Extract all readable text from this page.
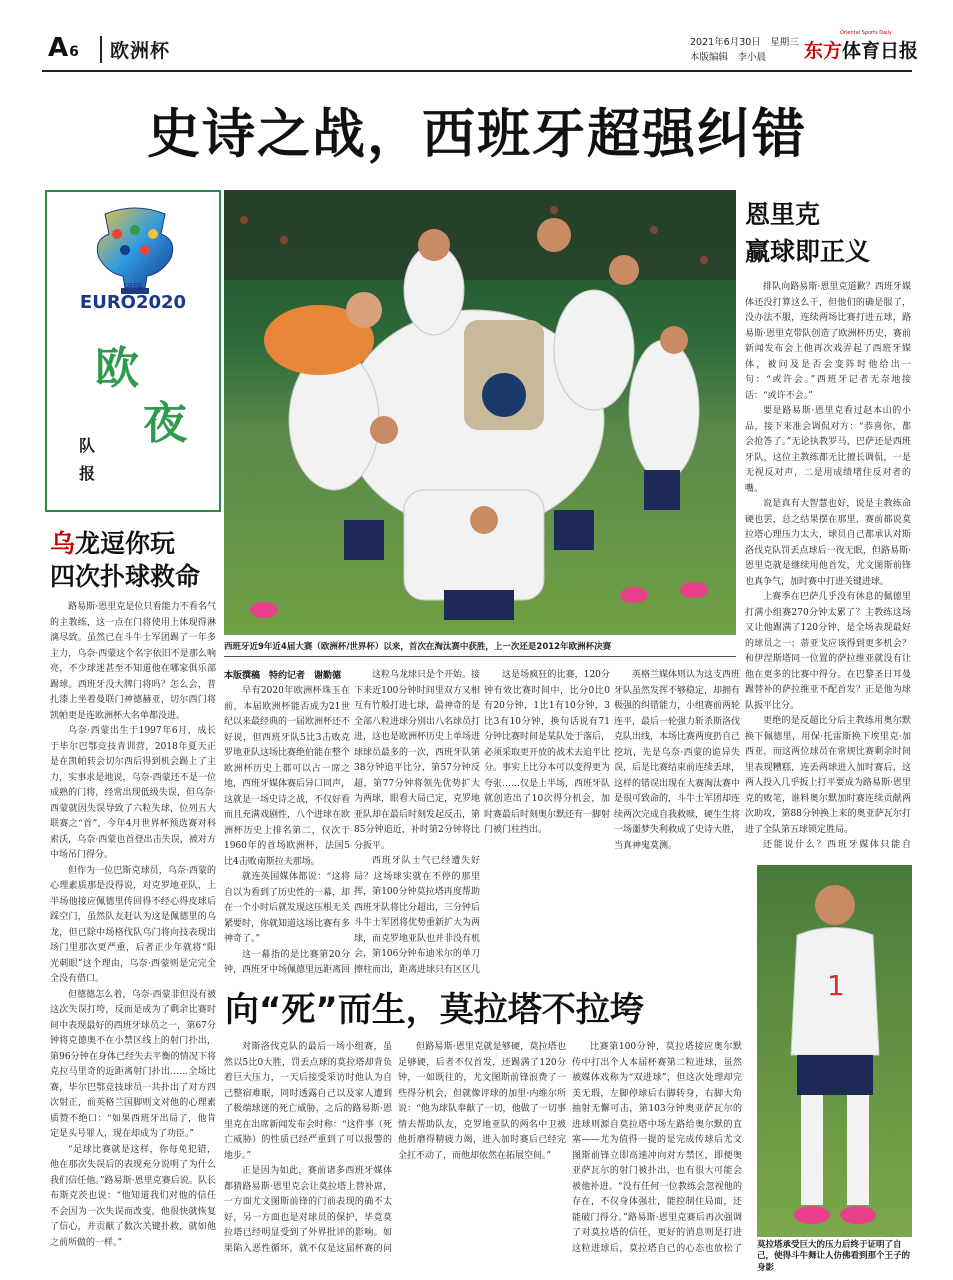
A6	欧洲杯	2021年6月30日　星期三
本版编辑　李小晨
Oriental Sports Daily
东方体育日报
史诗之战，西班牙超强纠错
UEFA
EURO2020
欧
夜
队 报
乌龙逗你玩
四次扑球救命

路易斯·恩里克是位只看能力不看名气的主教练，这一点在门将使用上体现得淋漓尽致。虽然已在斗牛士军团踢了一年多主力，乌奈·西蒙这个名字依旧不是那么响亮，不少球迷甚至不知道他在哪家俱乐部踢球。西班牙没大牌门将吗？怎么会，普扎漆上坐着曼联门神德赫亚，切尔西门将凯帕更是连欧洲杯大名单都没进。

乌奈·西蒙出生于1997年6月，成长于毕尔巴鄂竞技青训营，2018年夏天正是在凯帕转会切尔西后得到机会踢上了主力，实事求是地说，乌奈·西蒙还不是一位成熟的门将，经常出现低级失误，但乌奈·西蒙就因失误导致了六粒失球，位列五大联赛之“首”，今年4月世界杯预选赛对科索沃，乌奈·西蒙也首登出击失误，被对方中场吊门得分。

但作为一位巴斯克球员，乌奈·西蒙的心理素质那是没得说，对克罗地亚队，上半场他接应佩德里传回得不经心得皮球后踩空门，虽然队友赶认为这是佩德里的乌龙，但已除中场格伐队乌门将向技表现出场门里那次更严重，后者正少年就将“阳光刺眼”这个理由，乌奈·西蒙则是完完全全没有借口。

但德德怎么着，乌奈·西蒙非但没有被这次失误打垮，反而是成为了剩余比赛时间中表现最好的西班牙球员之一，第67分钟将克德奥不在小禁区线上的射门扑出，第96分钟在身体已经失去平衡的情况下将克拉马里奇的近距离射门扑出……全场比赛，毕尔巴鄂竞技球员一共扑出了对方四次射正，前英格兰国脚则文对他的心理素质赞不绝口：“如果西班牙出局了，他肯定是头号罪人，现在却成为了功臣。”

“足球比赛就是这样，你每免犯错，他在那次失误后的表现充分说明了为什么我们信任他。”路易斯·恩里克赛后说。队长布斯克茨也说：“他知道我们对他的信任不会因为一次失误而改变，他很快就恢复了信心，并贡献了数次关键扑救，就如他之前所做的一样。”

西班牙近9年近4届大赛（欧洲杯/世界杯）以来，首次在淘汰赛中获胜，上一次还是2012年欧洲杯决赛
本版撰稿　特约记者　谢勤德

早有2020年欧洲杯珠玉在前，本届欧洲杯能否成为21世纪以来最经典的一届欧洲杯还不好说，但西班牙队5比3击败克罗地亚队这场比赛绝伯能在整个欧洲杯历史上都可以占一席之地，西班牙媒体赛后异口同声，这就是一场史诗之战，不仅好看而且充满戏剧性，八个进球在欧洲杯历史上排名第二，仅次于1960年的首场欧洲杯，法国5比4击败南斯拉夫那场。

就连英国媒体都说：“这将自以为看到了历史性的一幕，却在一个小时后就发现这压根无关紧要时，你就知道这场比赛有多神奇了。”

这一幕指的是比赛第20分钟，西班牙中场佩德里远距离回

这粒乌龙球只是个开始。接下来近100分钟时间里双方又相互有竹般打进七球，最神奇的是全部八粒进球分别出八名球员打进，这也是欧洲杯历史上单场进球球员最多的一次，西班牙队第38分钟追平比分，第57分钟反超，第77分钟将领先优势扩大为两球，眼看大局已定，克罗地亚队却在最后时刻发起反击，第85分钟追近，补时第2分钟将比分扳平。

西班牙队士气已经遭失好局？这场球实就在不停的那里挥，第100分钟莫拉塔再度帮助西班牙队将比分超出，三分钟后斗牛士军团将优势重新扩大为两球，而克罗地亚队也并非没有机会，第106分钟布迪米尔的单刀擦柱而出，距离进球只有区区几

这是场疯狂的比赛，120分钟有效比赛时间中，比分0比0有20分钟，1比1有10分钟，3比3有10分钟，换句话说有71分钟比赛时间是某队处于落后，必须采取更开放的战术去追平比分。事实上比分本可以变得更为夸张……仅是上半场，西班牙队就创造出了10次得分机会，加时赛最后时刻奥尔默还有一脚射门被门柱挡出。

英格兰媒体则认为这支西班牙队虽然发挥不够稳定，却拥有极强的纠错能力，小组赛前两轮连平，最后一轮强力斩杀斯洛伐克队出线，本场比赛两度扔自己挖坑，先是乌奈·西蒙的诡异失误，后是比赛结束前连续丢球，这样的错误出现在大赛淘汰赛中是很可致命的，斗牛士军团却连续两次完成自我救赎，硬生生将一场噩梦失利救成了史诗大胜，当真神鬼莫测。

恩里克
赢球即正义

排队向路易斯·恩里克道歉？西班牙媒体还没打算这么干，但他们的确是服了，没办法不服，连续两场比赛打进五球，路易斯·恩里克带队创造了欧洲杯历史，赛前新闻发布会上他再次戏弄起了西班牙媒体，被问及是否会变阵时他给出一句：“或许会。”西班牙记者无奈地接话：“或许不会。”

要是路易斯·恩里克看过赵本山的小品，接下来准会调侃对方：“恭喜你，都会抢答了。”无论执教罗马、巴萨还是西班牙队，这位主教练都无比擅长调侃，一是无视反对声，二是用成绩堵住反对者的嘴。

说是真有大智慧也好，说是主教练命硬也罢，总之结果摆在那里，赛前都说莫拉塔心理压力太大，球员自己都承认对斯洛伐克队罚丢点球后一夜无眠，但路易斯·恩里克就是继续用他首发，尤文图斯前锋也真争气，加时赛中打进关键进球。

上赛季在巴萨几乎没有休息的佩德里打满小组赛270分钟太累了？主教练这场又让他踢满了120分钟，是全场表现最好的球员之一；蒂亚戈应该得到更多机会？和伊涅斯塔同一位置的萨拉维亚就没有让他在更多的比赛中得分。在巴黎圣日耳曼踢替补的萨拉维亚不配首发？正是他为球队扳平比分。

更绝的是反超比分后主教练用奥尔默换下佩德里，用保·托雷斯换下埃里克·加西亚，而这两位球员在常规比赛剩余时间里表现糟糕，连丢两球进入加时赛后，这两人投入几乎扳上打平要成为路易斯·恩里克的败笔，谁料奥尔默加时赛连续贡献两次助攻，第88分钟换上来的奥亚萨瓦尔打进了全队第五球锁定胜局。

还能说什么？西班牙媒体只能自

向“死”而生，莫拉塔不拉垮

对斯洛伐克队的最后一场小组赛，虽然以5比0大胜，罚丢点球的莫拉塔却背负着巨大压力，一天后接受采访时他认为自己整宿难眠，同时透露自己以及家人遭到了极端球迷的死亡威胁，之后的路易斯·恩里克在出席新闻发布会时称：“这件事（死亡威胁）的性质已经严重到了可以报警的地步。”

正是因为如此，赛前诸多西班牙媒体都猜路易斯·恩里克会让莫拉塔上替补席，一方面尤文图斯前锋的门前表现的确不太好，另一方面也是对球员的保护，毕竟莫拉塔已经明显受到了外界批评的影响。如果陷入恶性循环，就不仅是这届杯赛的问

但路易斯·恩里克就是够硬，莫拉塔也足够硬，后者不仅首发，还踢满了120分钟，一如既往的，尤文图斯前锋浪费了一些得分机会，但就像评球的加里·内维尔所说：“他为球队奉献了一切，他做了一切事情去帮助队友，克罗地亚队的两名中卫被他折磨得精疲力竭，进入加时赛后已经完全扛不动了，而他却依然在拓展空间。”

比赛第100分钟，莫拉塔接应奥尔默传中打出个人本届杯赛第二粒进球，虽然被媒体戏称为“双进球”，但这次处理却完美无瑕，左脚停球后右脚转身，右脚大角抽射无懈可击，第103分钟奥亚萨瓦尔的进球则源自莫拉塔中场左路给奥尔默的直塞——尤为值得一提的是完成传球后尤文图斯前锋立即高速冲向对方禁区，即便奥亚萨瓦尔的射门被扑出，也有很大可能会被他补进。“没有任何一位教练会忽视他的存在，不仅身体强壮，能控制住局面，还能破门得分。”路易斯·恩里克赛后再次强调了对莫拉塔的信任，更好的消息则是打进这粒进球后，莫拉塔自己的心态也放松了

1
莫拉塔承受巨大的压力后终于证明了自己，使得斗牛舞让人仿佛看到那个王子的身影
